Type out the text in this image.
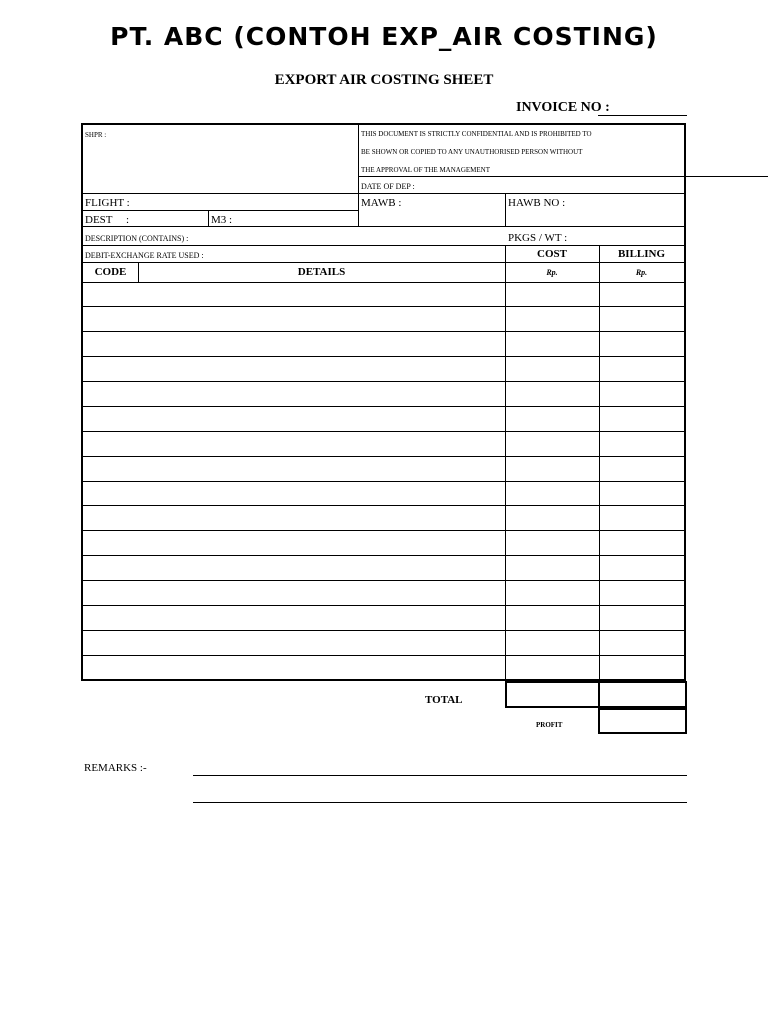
PT. ABC (CONTOH EXP_AIR COSTING)
EXPORT AIR COSTING SHEET
INVOICE NO :
SHPR :	THIS DOCUMENT IS STRICTLY CONFIDENTIAL AND IS PROHIBITED TO
BE SHOWN OR COPIED TO ANY UNAUTHORISED PERSON WITHOUT
THE APPROVAL OF THE MANAGEMENT
DATE OF DEP :
FLIGHT :	MAWB :	HAWB NO :
DEST     :	M3 :
DESCRIPTION (CONTAINS) :	PKGS / WT :
DEBIT-EXCHANGE RATE USED :	COST	BILLING
CODE	DETAILS	Rp.	Rp.
TOTAL
PROFIT
REMARKS :-
